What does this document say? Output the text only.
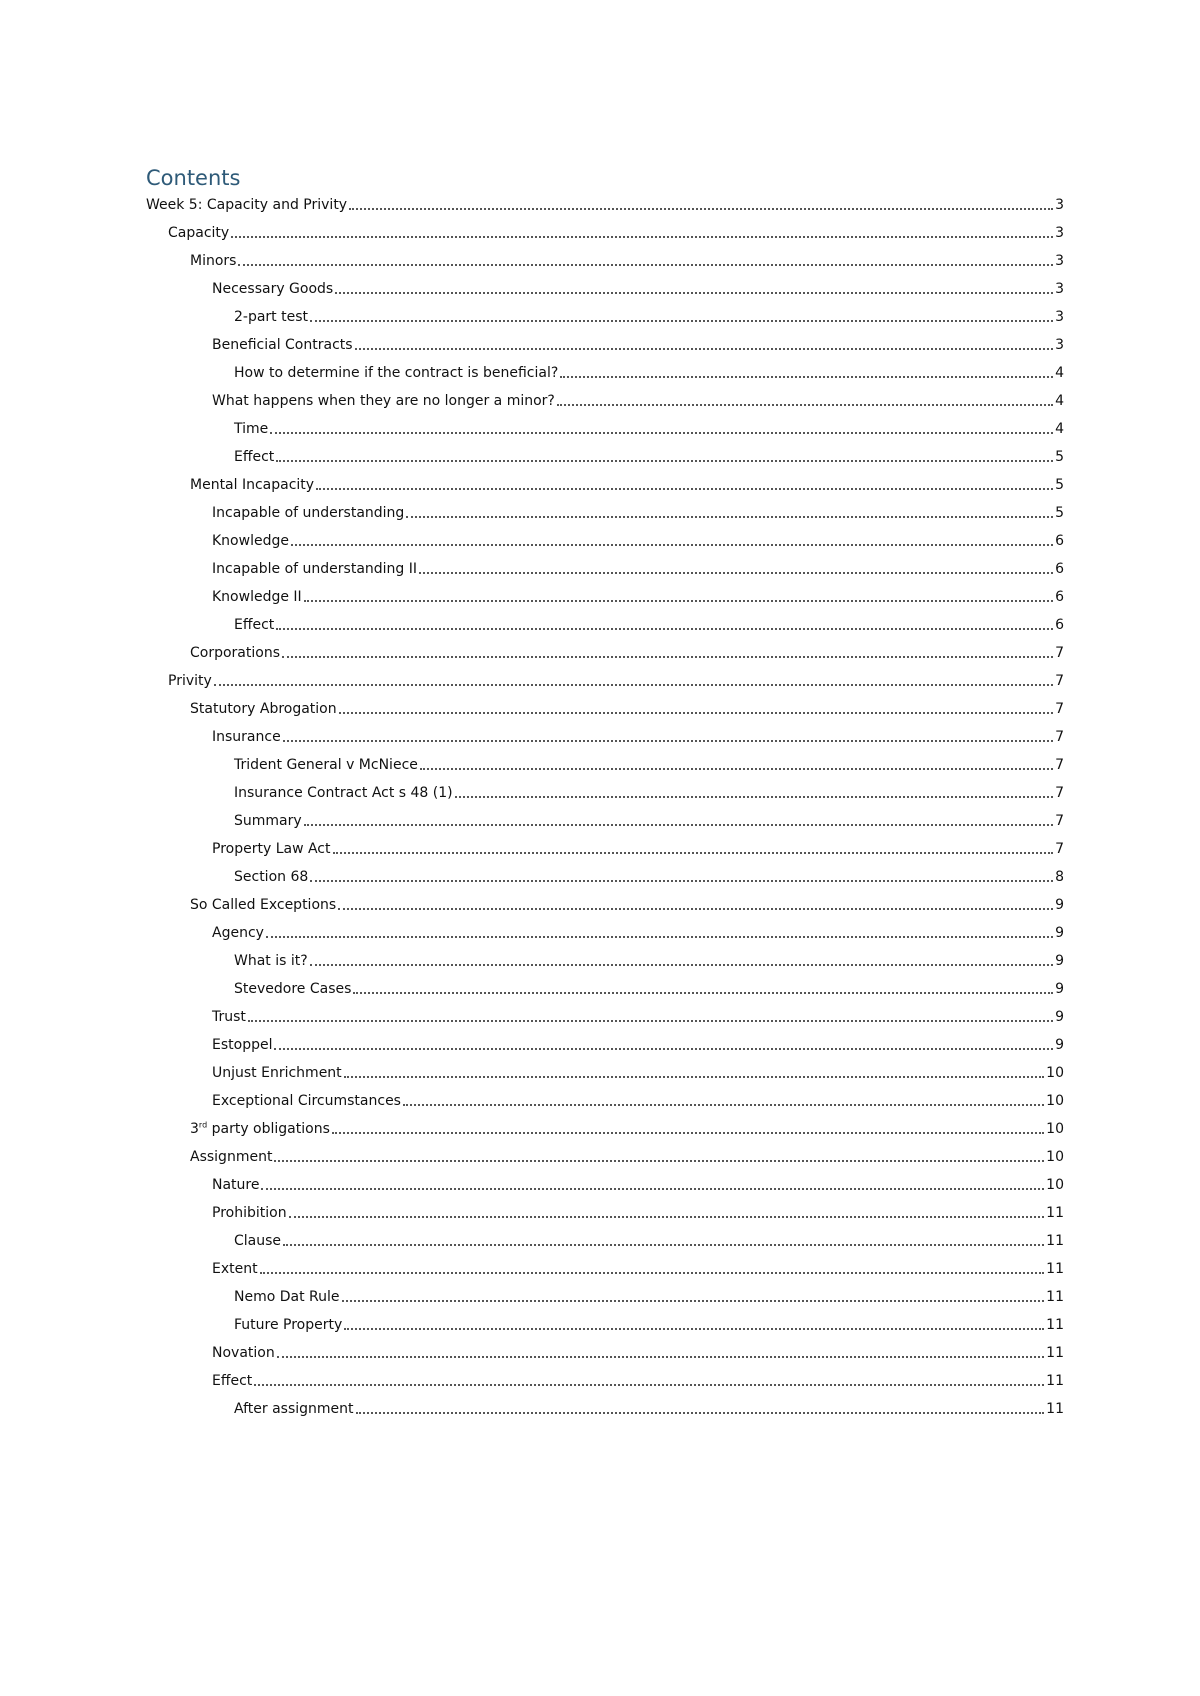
Contents
Week 5: Capacity and Privity	3
Capacity	3
Minors	3
Necessary Goods	3
2-part test	3
Beneficial Contracts	3
How to determine if the contract is beneficial?	4
What happens when they are no longer a minor?	4
Time	4
Effect	5
Mental Incapacity	5
Incapable of understanding	5
Knowledge	6
Incapable of understanding II	6
Knowledge II	6
Effect	6
Corporations	7
Privity	7
Statutory Abrogation	7
Insurance	7
Trident General v McNiece	7
Insurance Contract Act s 48 (1)	7
Summary	7
Property Law Act	7
Section 68	8
So Called Exceptions	9
Agency	9
What is it?	9
Stevedore Cases	9
Trust	9
Estoppel	9
Unjust Enrichment	10
Exceptional Circumstances	10
3rd party obligations	10
Assignment	10
Nature	10
Prohibition	11
Clause	11
Extent	11
Nemo Dat Rule	11
Future Property	11
Novation	11
Effect	11
After assignment	11
